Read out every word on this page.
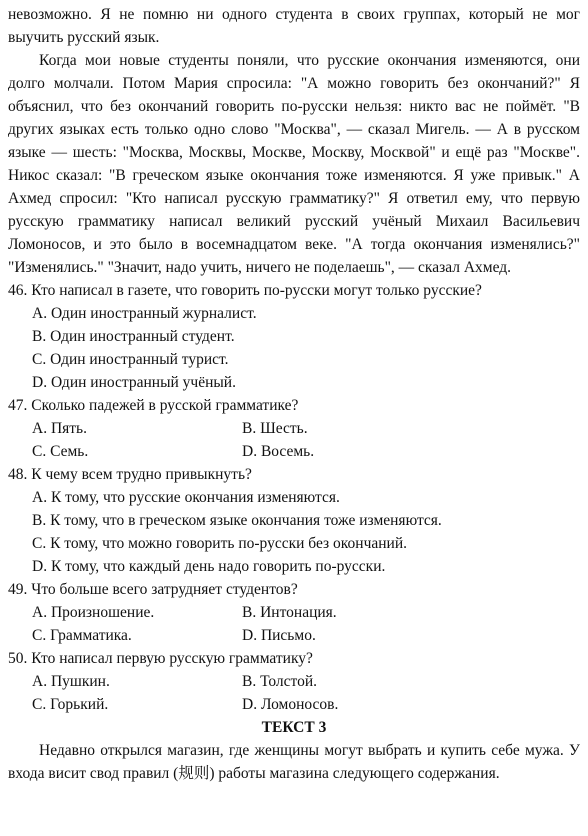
невозможно. Я не помню ни одного студента в своих группах, который не мог выучить русский язык.

Когда мои новые студенты поняли, что русские окончания изменяются, они долго молчали. Потом Мария спросила: "А можно говорить без окончаний?" Я объяснил, что без окончаний говорить по-русски нельзя: никто вас не поймёт. "В других языках есть только одно слово "Москва", — сказал Мигель. — А в русском языке — шесть: "Москва, Москвы, Москве, Москву, Москвой" и ещё раз "Москве". Никос сказал: "В греческом языке окончания тоже изменяются. Я уже привык." А Ахмед спросил: "Кто написал русскую грамматику?" Я ответил ему, что первую русскую грамматику написал великий русский учёный Михаил Васильевич Ломоносов, и это было в восемнадцатом веке. "А тогда окончания изменялись?" "Изменялись." "Значит, надо учить, ничего не поделаешь", — сказал Ахмед.

46. Кто написал в газете, что говорить по-русски могут только русские?

A. Один иностранный журналист.

B. Один иностранный студент.

C. Один иностранный турист.

D. Один иностранный учёный.

47. Сколько падежей в русской грамматике?

A. Пять.	B. Шесть.
C. Семь.	D. Восемь.

48. К чему всем трудно привыкнуть?

A. К тому, что русские окончания изменяются.

B. К тому, что в греческом языке окончания тоже изменяются.

C. К тому, что можно говорить по-русски без окончаний.

D. К тому, что каждый день надо говорить по-русски.

49. Что больше всего затрудняет студентов?

A. Произношение.	B. Интонация.
C. Грамматика.	D. Письмо.

50. Кто написал первую русскую грамматику?

A. Пушкин.	B. Толстой.
C. Горький.	D. Ломоносов.

ТЕКСТ 3

Недавно открылся магазин, где женщины могут выбрать и купить себе мужа. У входа висит свод правил (规则) работы магазина следующего содержания.
